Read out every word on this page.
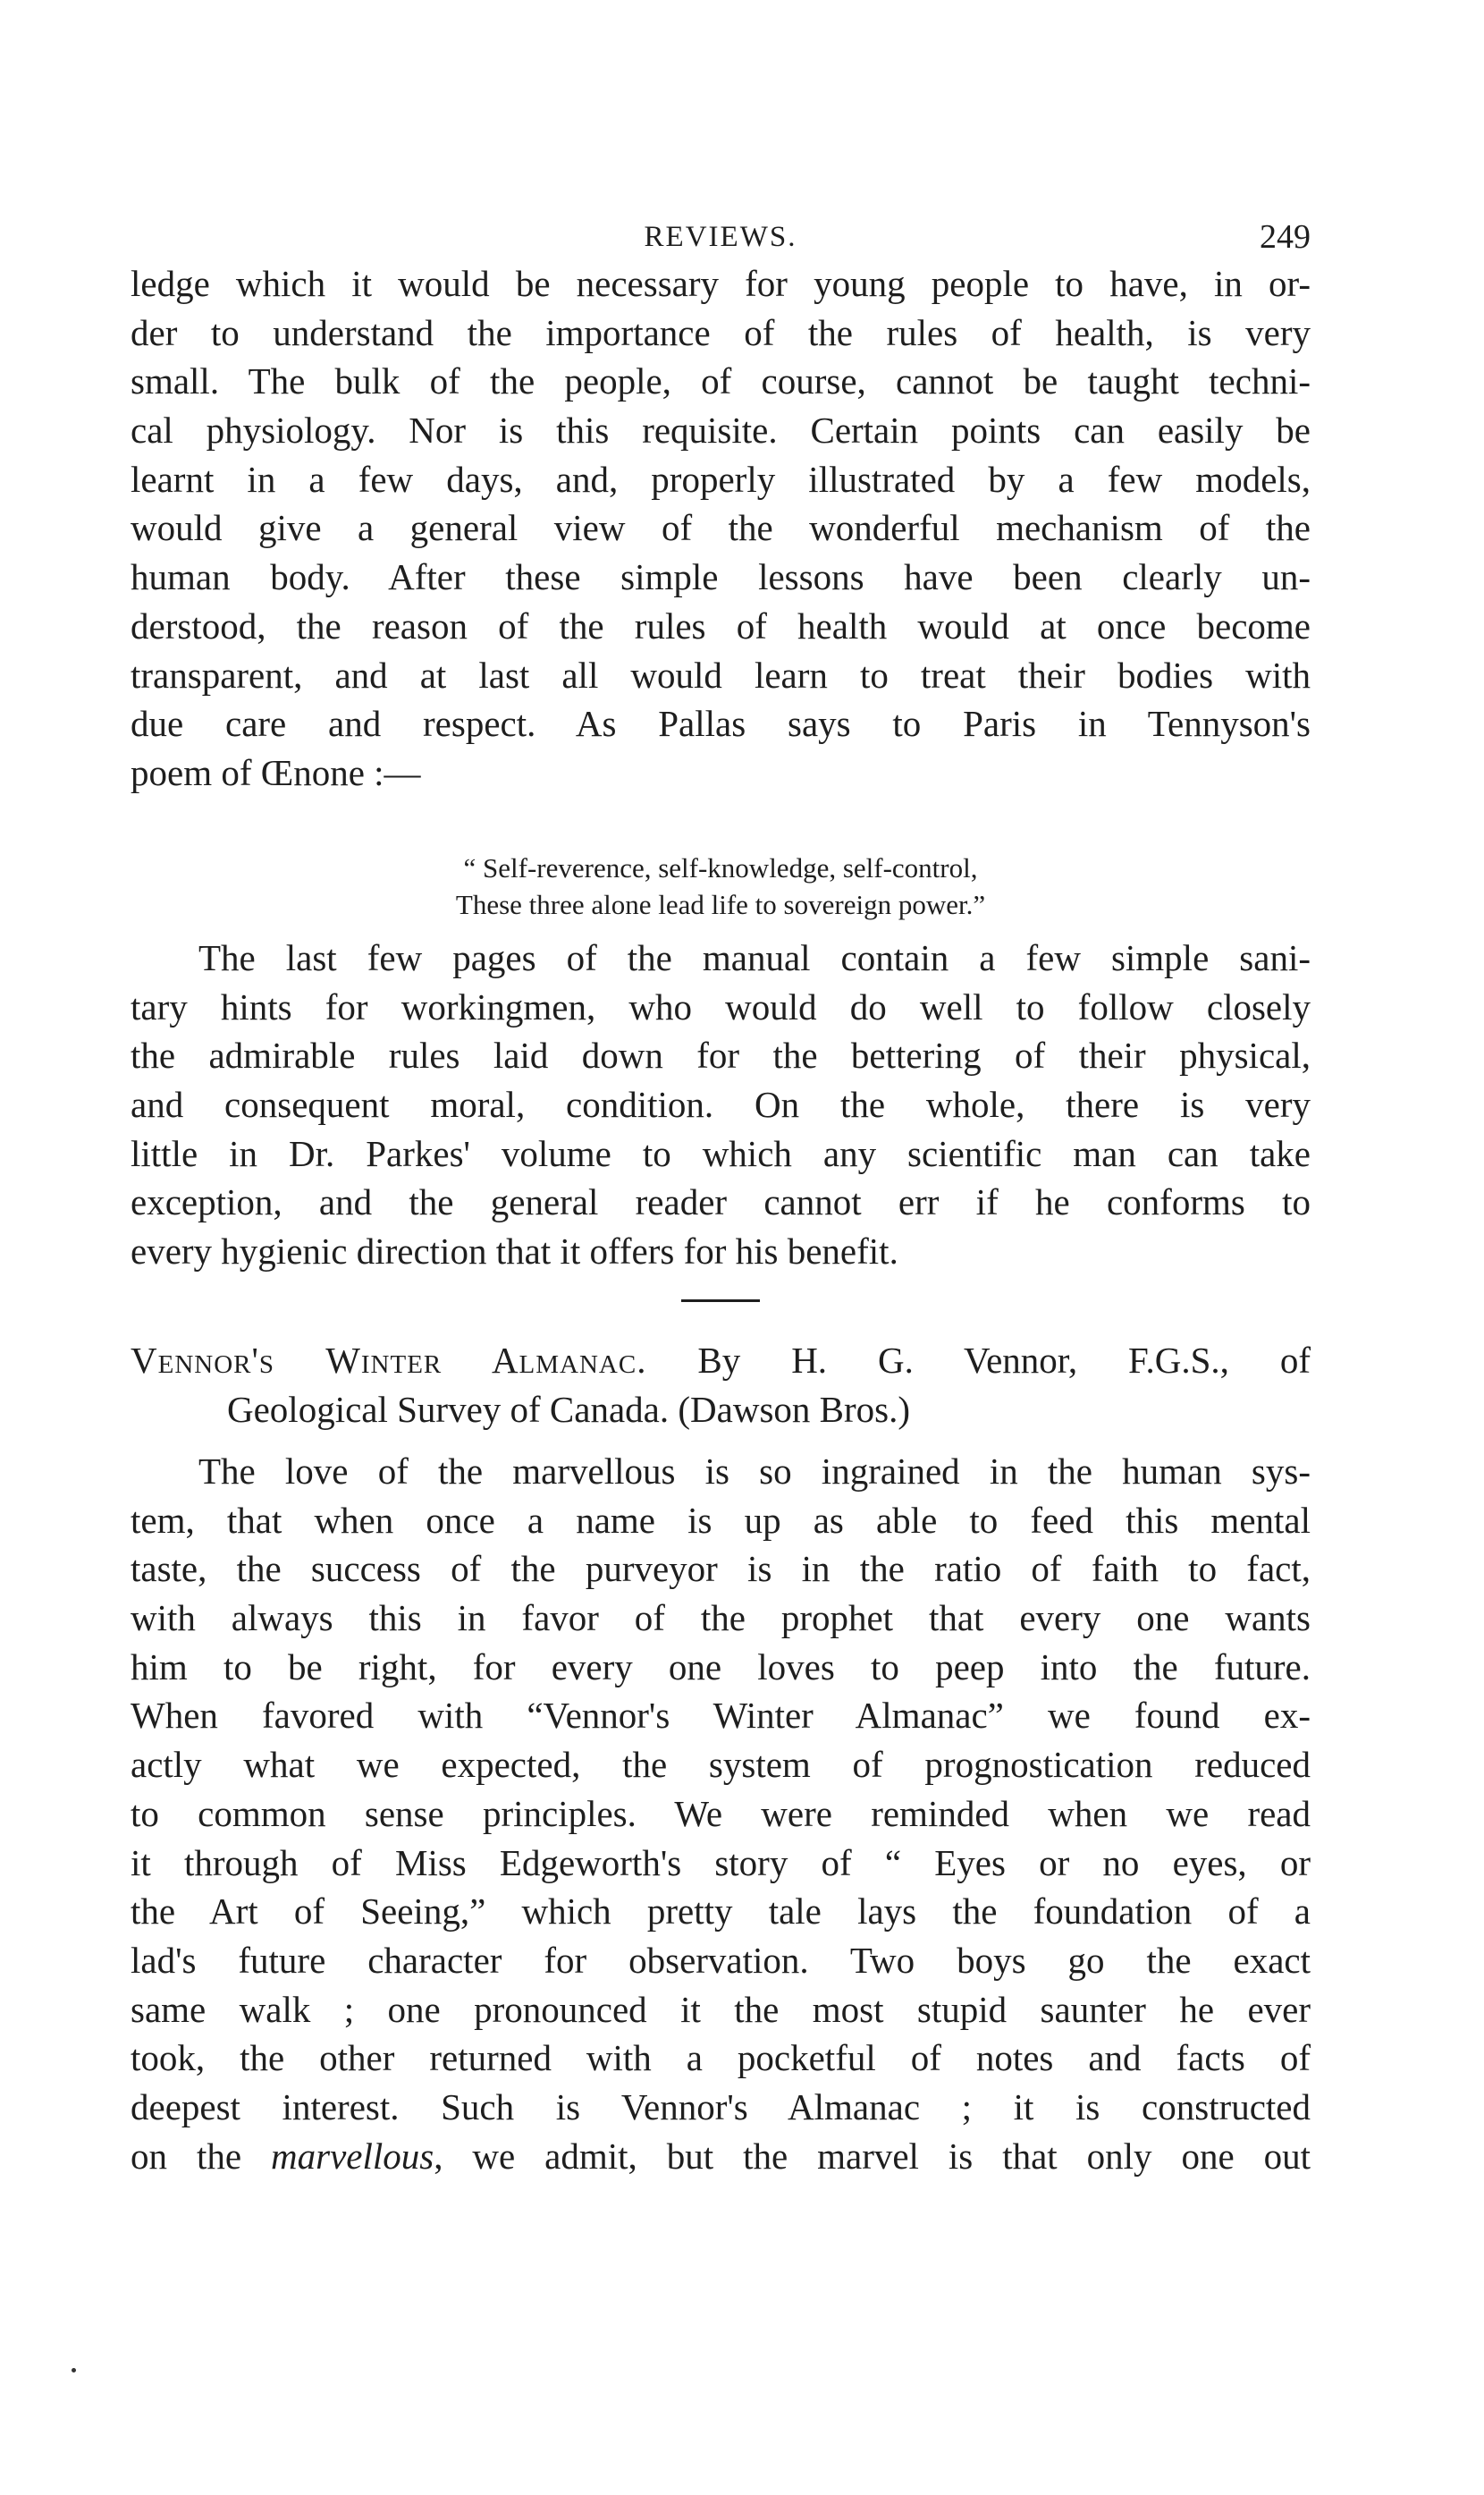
REVIEWS.	249
ledge which it would be necessary for young people to have, in or-
der to understand the importance of the rules of health, is very
small. The bulk of the people, of course, cannot be taught techni-
cal physiology. Nor is this requisite. Certain points can easily be
learnt in a few days, and, properly illustrated by a few models,
would give a general view of the wonderful mechanism of the
human body. After these simple lessons have been clearly un-
derstood, the reason of the rules of health would at once become
transparent, and at last all would learn to treat their bodies with
due care and respect. As Pallas says to Paris in Tennyson's
poem of Œnone :—
“ Self-reverence, self-knowledge, self-control,
These three alone lead life to sovereign power.”
The last few pages of the manual contain a few simple sani-
tary hints for workingmen, who would do well to follow closely
the admirable rules laid down for the bettering of their physical,
and consequent moral, condition. On the whole, there is very
little in Dr. Parkes' volume to which any scientific man can take
exception, and the general reader cannot err if he conforms to
every hygienic direction that it offers for his benefit.
Vennor's Winter Almanac. By H. G. Vennor, F.G.S., of
Geological Survey of Canada. (Dawson Bros.)
The love of the marvellous is so ingrained in the human sys-
tem, that when once a name is up as able to feed this mental
taste, the success of the purveyor is in the ratio of faith to fact,
with always this in favor of the prophet that every one wants
him to be right, for every one loves to peep into the future.
When favored with “Vennor's Winter Almanac” we found ex-
actly what we expected, the system of prognostication reduced
to common sense principles. We were reminded when we read
it through of Miss Edgeworth's story of “ Eyes or no eyes, or
the Art of Seeing,” which pretty tale lays the foundation of a
lad's future character for observation. Two boys go the exact
same walk ; one pronounced it the most stupid saunter he ever
took, the other returned with a pocketful of notes and facts of
deepest interest. Such is Vennor's Almanac ; it is constructed
on the marvellous, we admit, but the marvel is that only one out
